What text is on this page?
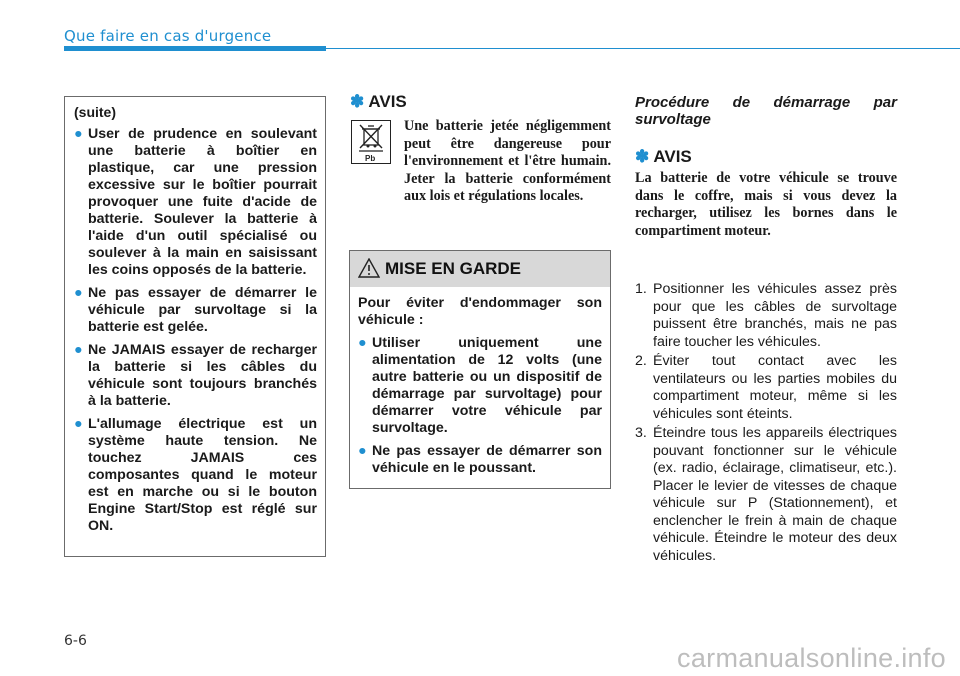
Que faire en cas d'urgence
(suite)
● User de prudence en soulevant une batterie à boîtier en plastique, car une pression excessive sur le boîtier pourrait provoquer une fuite d'acide de batterie. Soulever la batterie à l'aide d'un outil spécialisé ou soulever à la main en saisissant les coins opposés de la batterie.
● Ne pas essayer de démarrer le véhicule par survoltage si la batterie est gelée.
● Ne JAMAIS essayer de recharger la batterie si les câbles du véhicule sont toujours branchés à la batterie.
● L'allumage électrique est un système haute tension. Ne touchez JAMAIS ces composantes quand le moteur est en marche ou si le bouton Engine Start/Stop est réglé sur ON.
✽ AVIS
Pb
Une batterie jetée négligemment peut être dangereuse pour l'environnement et l'être humain. Jeter la batterie conformément aux lois et régulations locales.
MISE EN GARDE
Pour éviter d'endommager son véhicule :
● Utiliser uniquement une alimentation de 12 volts (une autre batterie ou un dispositif de démarrage par survoltage) pour démarrer votre véhicule par survoltage.
● Ne pas essayer de démarrer son véhicule en le poussant.
Procédure de démarrage par survoltage
✽ AVIS
La batterie de votre véhicule se trouve dans le coffre, mais si vous devez la recharger, utilisez les bornes dans le compartiment moteur.
1. Positionner les véhicules assez près pour que les câbles de survoltage puissent être branchés, mais ne pas faire toucher les véhicules.
2. Éviter tout contact avec les ventilateurs ou les parties mobiles du compartiment moteur, même si les véhicules sont éteints.
3. Éteindre tous les appareils électriques pouvant fonctionner sur le véhicule (ex. radio, éclairage, climatiseur, etc.). Placer le levier de vitesses de chaque véhicule sur P (Stationnement), et enclencher le frein à main de chaque véhicule. Éteindre le moteur des deux véhicules.
6-6
carmanualsonline.info
